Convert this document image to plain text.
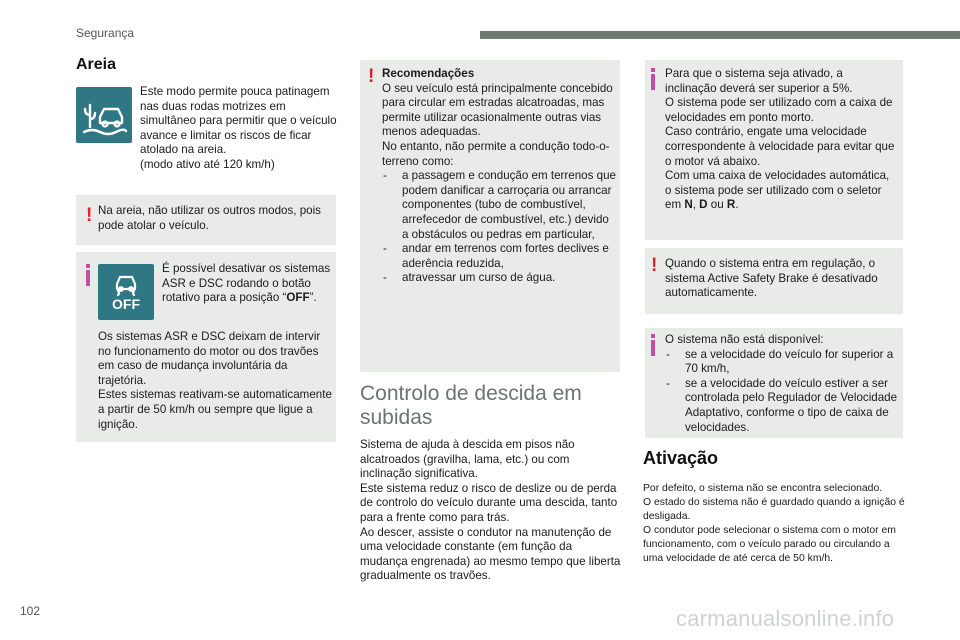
Segurança
Areia
Este modo permite pouca patinagem nas duas rodas motrizes em simultâneo para permitir que o veículo avance e limitar os riscos de ficar atolado na areia.
(modo ativo até 120 km/h)
! Na areia, não utilizar os outros modos, pois pode atolar o veículo.
É possível desativar os sistemas ASR e DSC rodando o botão rotativo para a posição “OFF”.
Os sistemas ASR e DSC deixam de intervir no funcionamento do motor ou dos travões em caso de mudança involuntária da trajetória.
Estes sistemas reativam-se automaticamente a partir de 50 km/h ou sempre que ligue a ignição.
OFF
! Recomendações
O seu veículo está principalmente concebido para circular em estradas alcatroadas, mas permite utilizar ocasionalmente outras vias menos adequadas.
No entanto, não permite a condução todo-o-terreno como:
- a passagem e condução em terrenos que podem danificar a carroçaria ou arrancar componentes (tubo de combustível, arrefecedor de combustível, etc.) devido a obstáculos ou pedras em particular,
- andar em terrenos com fortes declives e aderência reduzida,
- atravessar um curso de água.
Controlo de descida em subidas
Sistema de ajuda à descida em pisos não alcatroados (gravilha, lama, etc.) ou com inclinação significativa.
Este sistema reduz o risco de deslize ou de perda de controlo do veículo durante uma descida, tanto para a frente como para trás.
Ao descer, assiste o condutor na manutenção de uma velocidade constante (em função da mudança engrenada) ao mesmo tempo que liberta gradualmente os travões.
Para que o sistema seja ativado, a inclinação deverá ser superior a 5%.
O sistema pode ser utilizado com a caixa de velocidades em ponto morto.
Caso contrário, engate uma velocidade correspondente à velocidade para evitar que o motor vá abaixo.
Com uma caixa de velocidades automática, o sistema pode ser utilizado com o seletor em N, D ou R.
! Quando o sistema entra em regulação, o sistema Active Safety Brake é desativado automaticamente.
O sistema não está disponível:
- se a velocidade do veículo for superior a 70 km/h,
- se a velocidade do veículo estiver a ser controlada pelo Regulador de Velocidade Adaptativo, conforme o tipo de caixa de velocidades.
Ativação
Por defeito, o sistema não se encontra selecionado.
O estado do sistema não é guardado quando a ignição é desligada.
O condutor pode selecionar o sistema com o motor em funcionamento, com o veículo parado ou circulando a uma velocidade de até cerca de 50 km/h.
102	carmanualsonline.info
